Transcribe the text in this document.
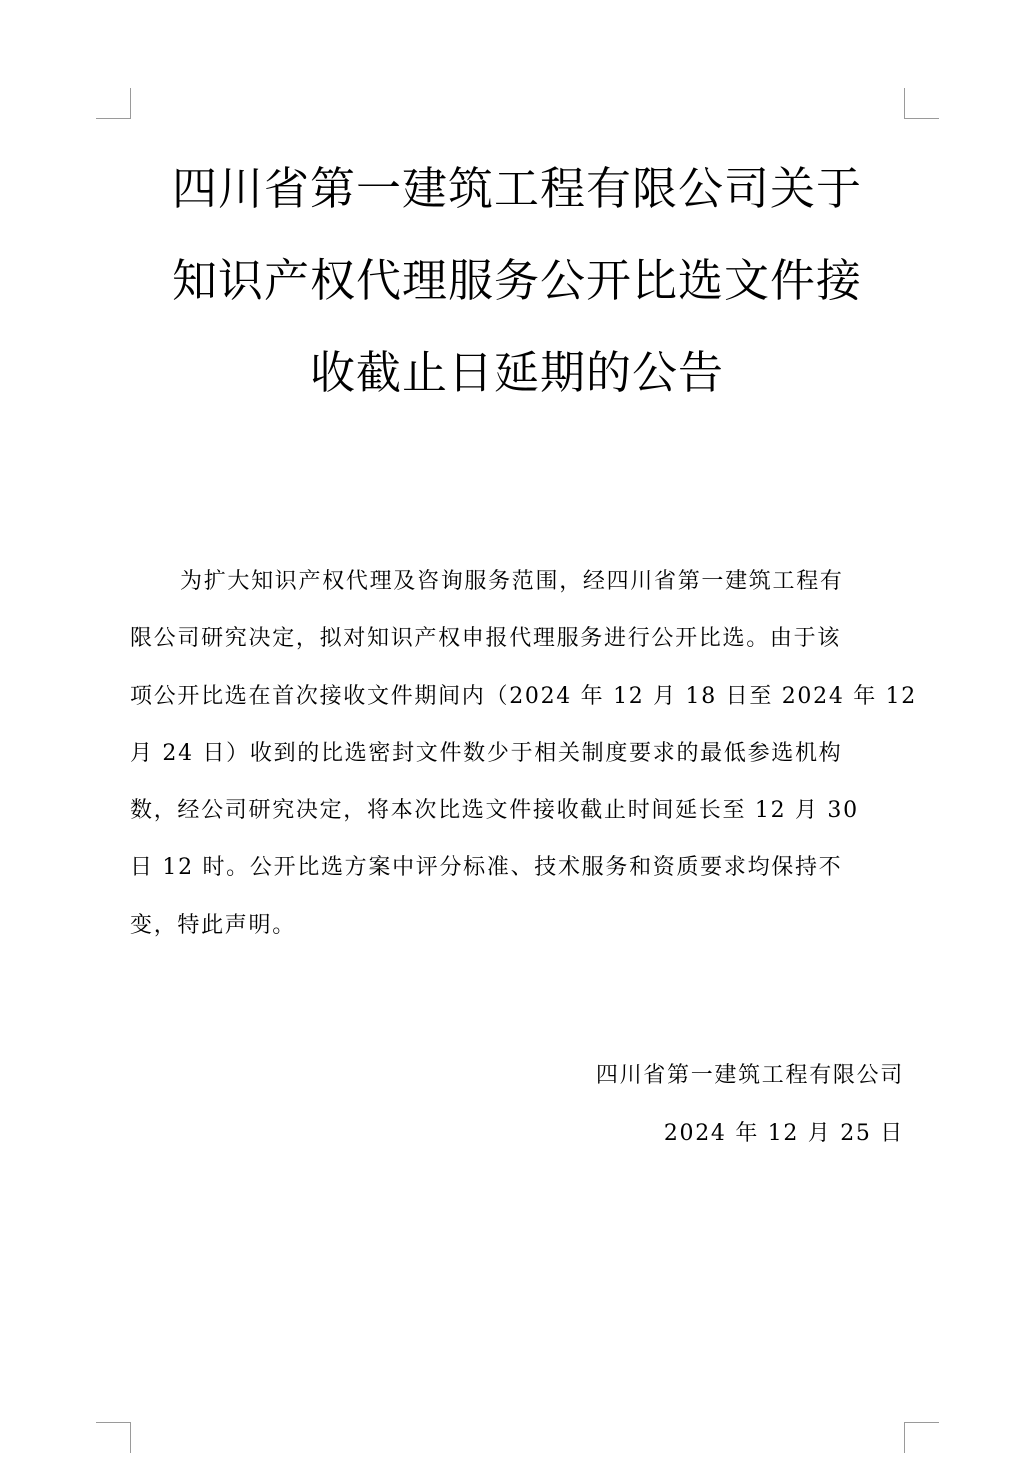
四川省第一建筑工程有限公司关于
知识产权代理服务公开比选文件接
收截止日延期的公告
为扩大知识产权代理及咨询服务范围，经四川省第一建筑工程有
限公司研究决定，拟对知识产权申报代理服务进行公开比选。由于该
项公开比选在首次接收文件期间内（2024 年 12 月 18 日至 2024 年 12
月 24 日）收到的比选密封文件数少于相关制度要求的最低参选机构
数，经公司研究决定，将本次比选文件接收截止时间延长至 12 月 30
日 12 时。公开比选方案中评分标准、技术服务和资质要求均保持不
变，特此声明。
四川省第一建筑工程有限公司
2024 年 12 月 25 日
